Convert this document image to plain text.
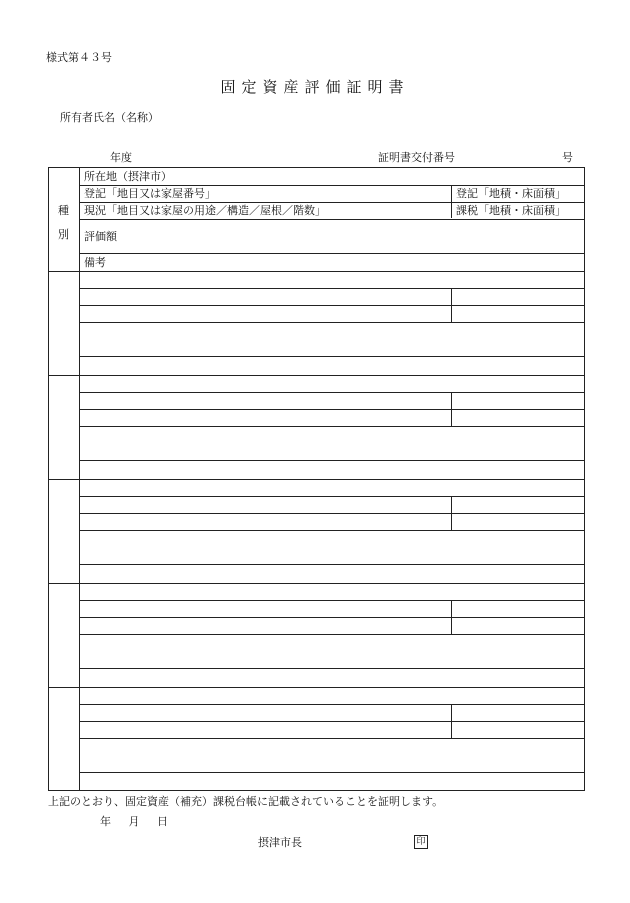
様式第４３号
固定資産評価証明書
所有者氏名（名称）
年度	証明書交付番号	号
種
別
所在地（摂津市）
登記「地目又は家屋番号」	登記「地積・床面積」
現況「地目又は家屋の用途／構造／屋根／階数」	課税「地積・床面積」
評価額
備考
上記のとおり、固定資産（補充）課税台帳に記載されていることを証明します。
年 月 日
摂津市長	印
